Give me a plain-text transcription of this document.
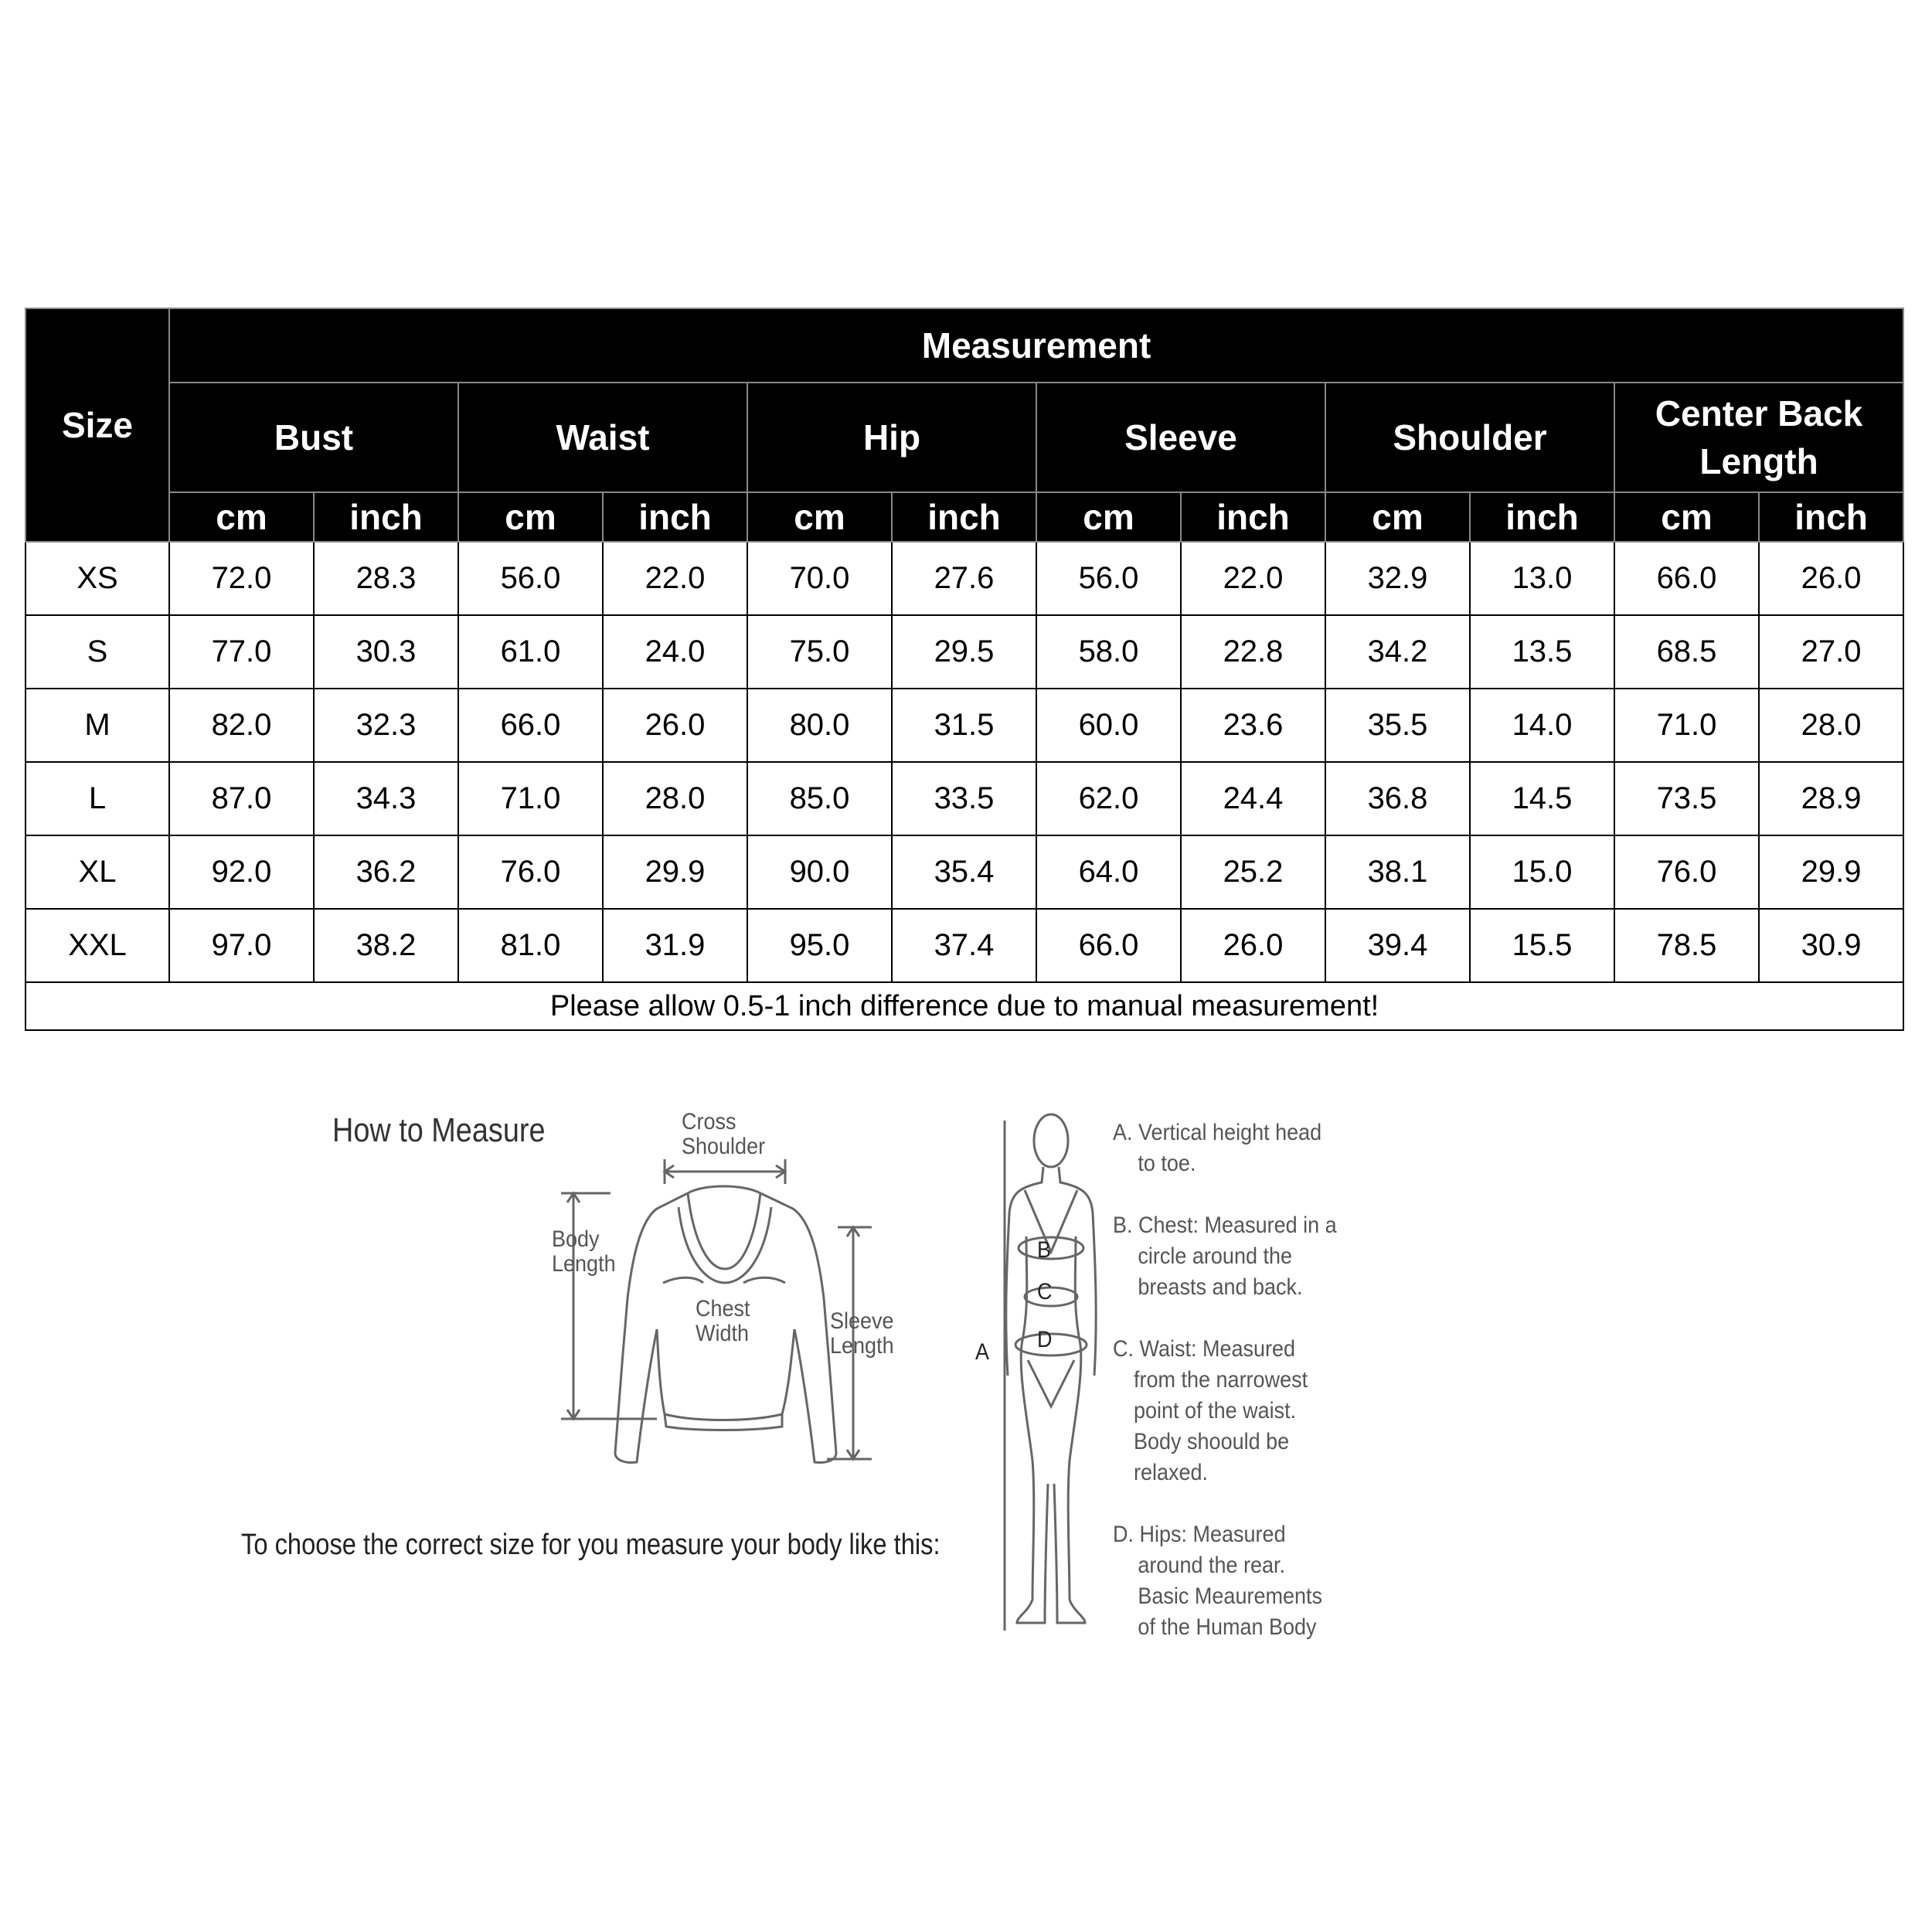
Size	Measurement											
	Bust		Waist		Hip		Sleeve		Shoulder		Center Back Length	
	cm	inch	cm	inch	cm	inch	cm	inch	cm	inch	cm	inch
XS	72.0	28.3	56.0	22.0	70.0	27.6	56.0	22.0	32.9	13.0	66.0	26.0
S	77.0	30.3	61.0	24.0	75.0	29.5	58.0	22.8	34.2	13.5	68.5	27.0
M	82.0	32.3	66.0	26.0	80.0	31.5	60.0	23.6	35.5	14.0	71.0	28.0
L	87.0	34.3	71.0	28.0	85.0	33.5	62.0	24.4	36.8	14.5	73.5	28.9
XL	92.0	36.2	76.0	29.9	90.0	35.4	64.0	25.2	38.1	15.0	76.0	29.9
XXL	97.0	38.2	81.0	31.9	95.0	37.4	66.0	26.0	39.4	15.5	78.5	30.9
Please allow 0.5-1 inch difference due to manual measurement!												
How to Measure	Cross
Shoulder
Body
Length
Chest
Width	Sleeve
Length
To choose the correct size for you measure your body like this:
B
C
D
A
A. Vertical height head
to toe.
B. Chest: Measured in a
circle around the
breasts and back.
C. Waist: Measured
from the narrowest
point of the waist.
Body shoould be
relaxed.
D. Hips: Measured
around the rear.
Basic Meaurements
of the Human Body
